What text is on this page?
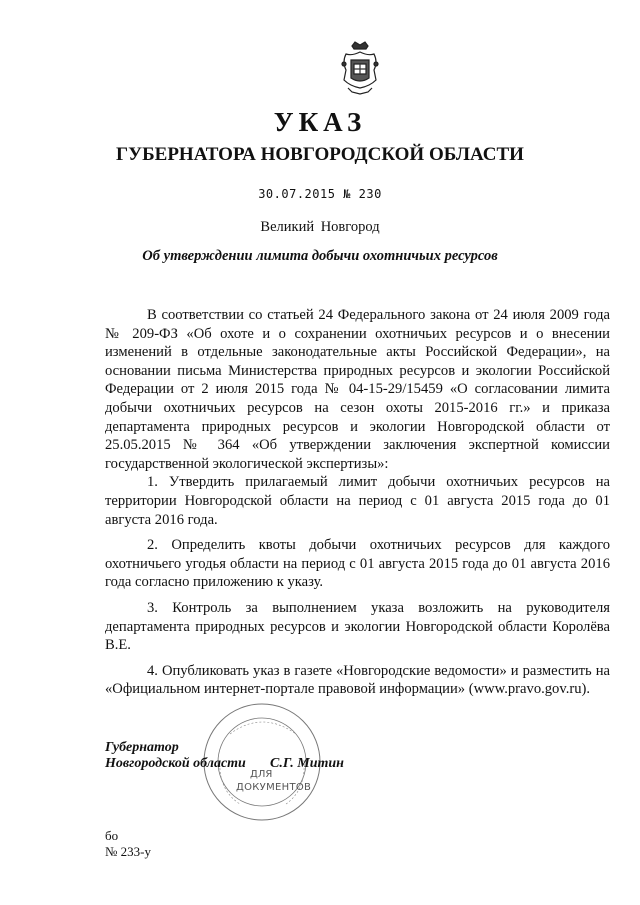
УКАЗ
ГУБЕРНАТОРА НОВГОРОДСКОЙ ОБЛАСТИ
30.07.2015 № 230
Великий Новгород
Об утверждении лимита добычи охотничьих ресурсов

В соответствии со статьей 24 Федерального закона от 24 июля 2009 года № 209-ФЗ «Об охоте и о сохранении охотничьих ресурсов и о внесении изменений в отдельные законодательные акты Российской Федерации», на основании письма Министерства природных ресурсов и экологии Российской Федерации от 2 июля 2015 года № 04-15-29/15459 «О согласовании лимита добычи охотничьих ресурсов на сезон охоты 2015-2016 гг.» и приказа департамента природных ресурсов и экологии Новгородской области от 25.05.2015 № 364 «Об утверждении заключения экспертной комиссии государственной экологической экспертизы»:

1. Утвердить прилагаемый лимит добычи охотничьих ресурсов на территории Новгородской области на период с 01 августа 2015 года до 01 августа 2016 года.

2. Определить квоты добычи охотничьих ресурсов для каждого охотничьего угодья области на период с 01 августа 2015 года до 01 августа 2016 года согласно приложению к указу.

3. Контроль за выполнением указа возложить на руководителя департамента природных ресурсов и экологии Новгородской области Королёва В.Е.

4. Опубликовать указ в газете «Новгородские ведомости» и разместить на «Официальном интернет-портале правовой информации» (www.pravo.gov.ru).

ДЛЯ
ДОКУМЕНТОВ
Губернатор
Новгородской области С.Г. Митин
бо
№ 233-у
